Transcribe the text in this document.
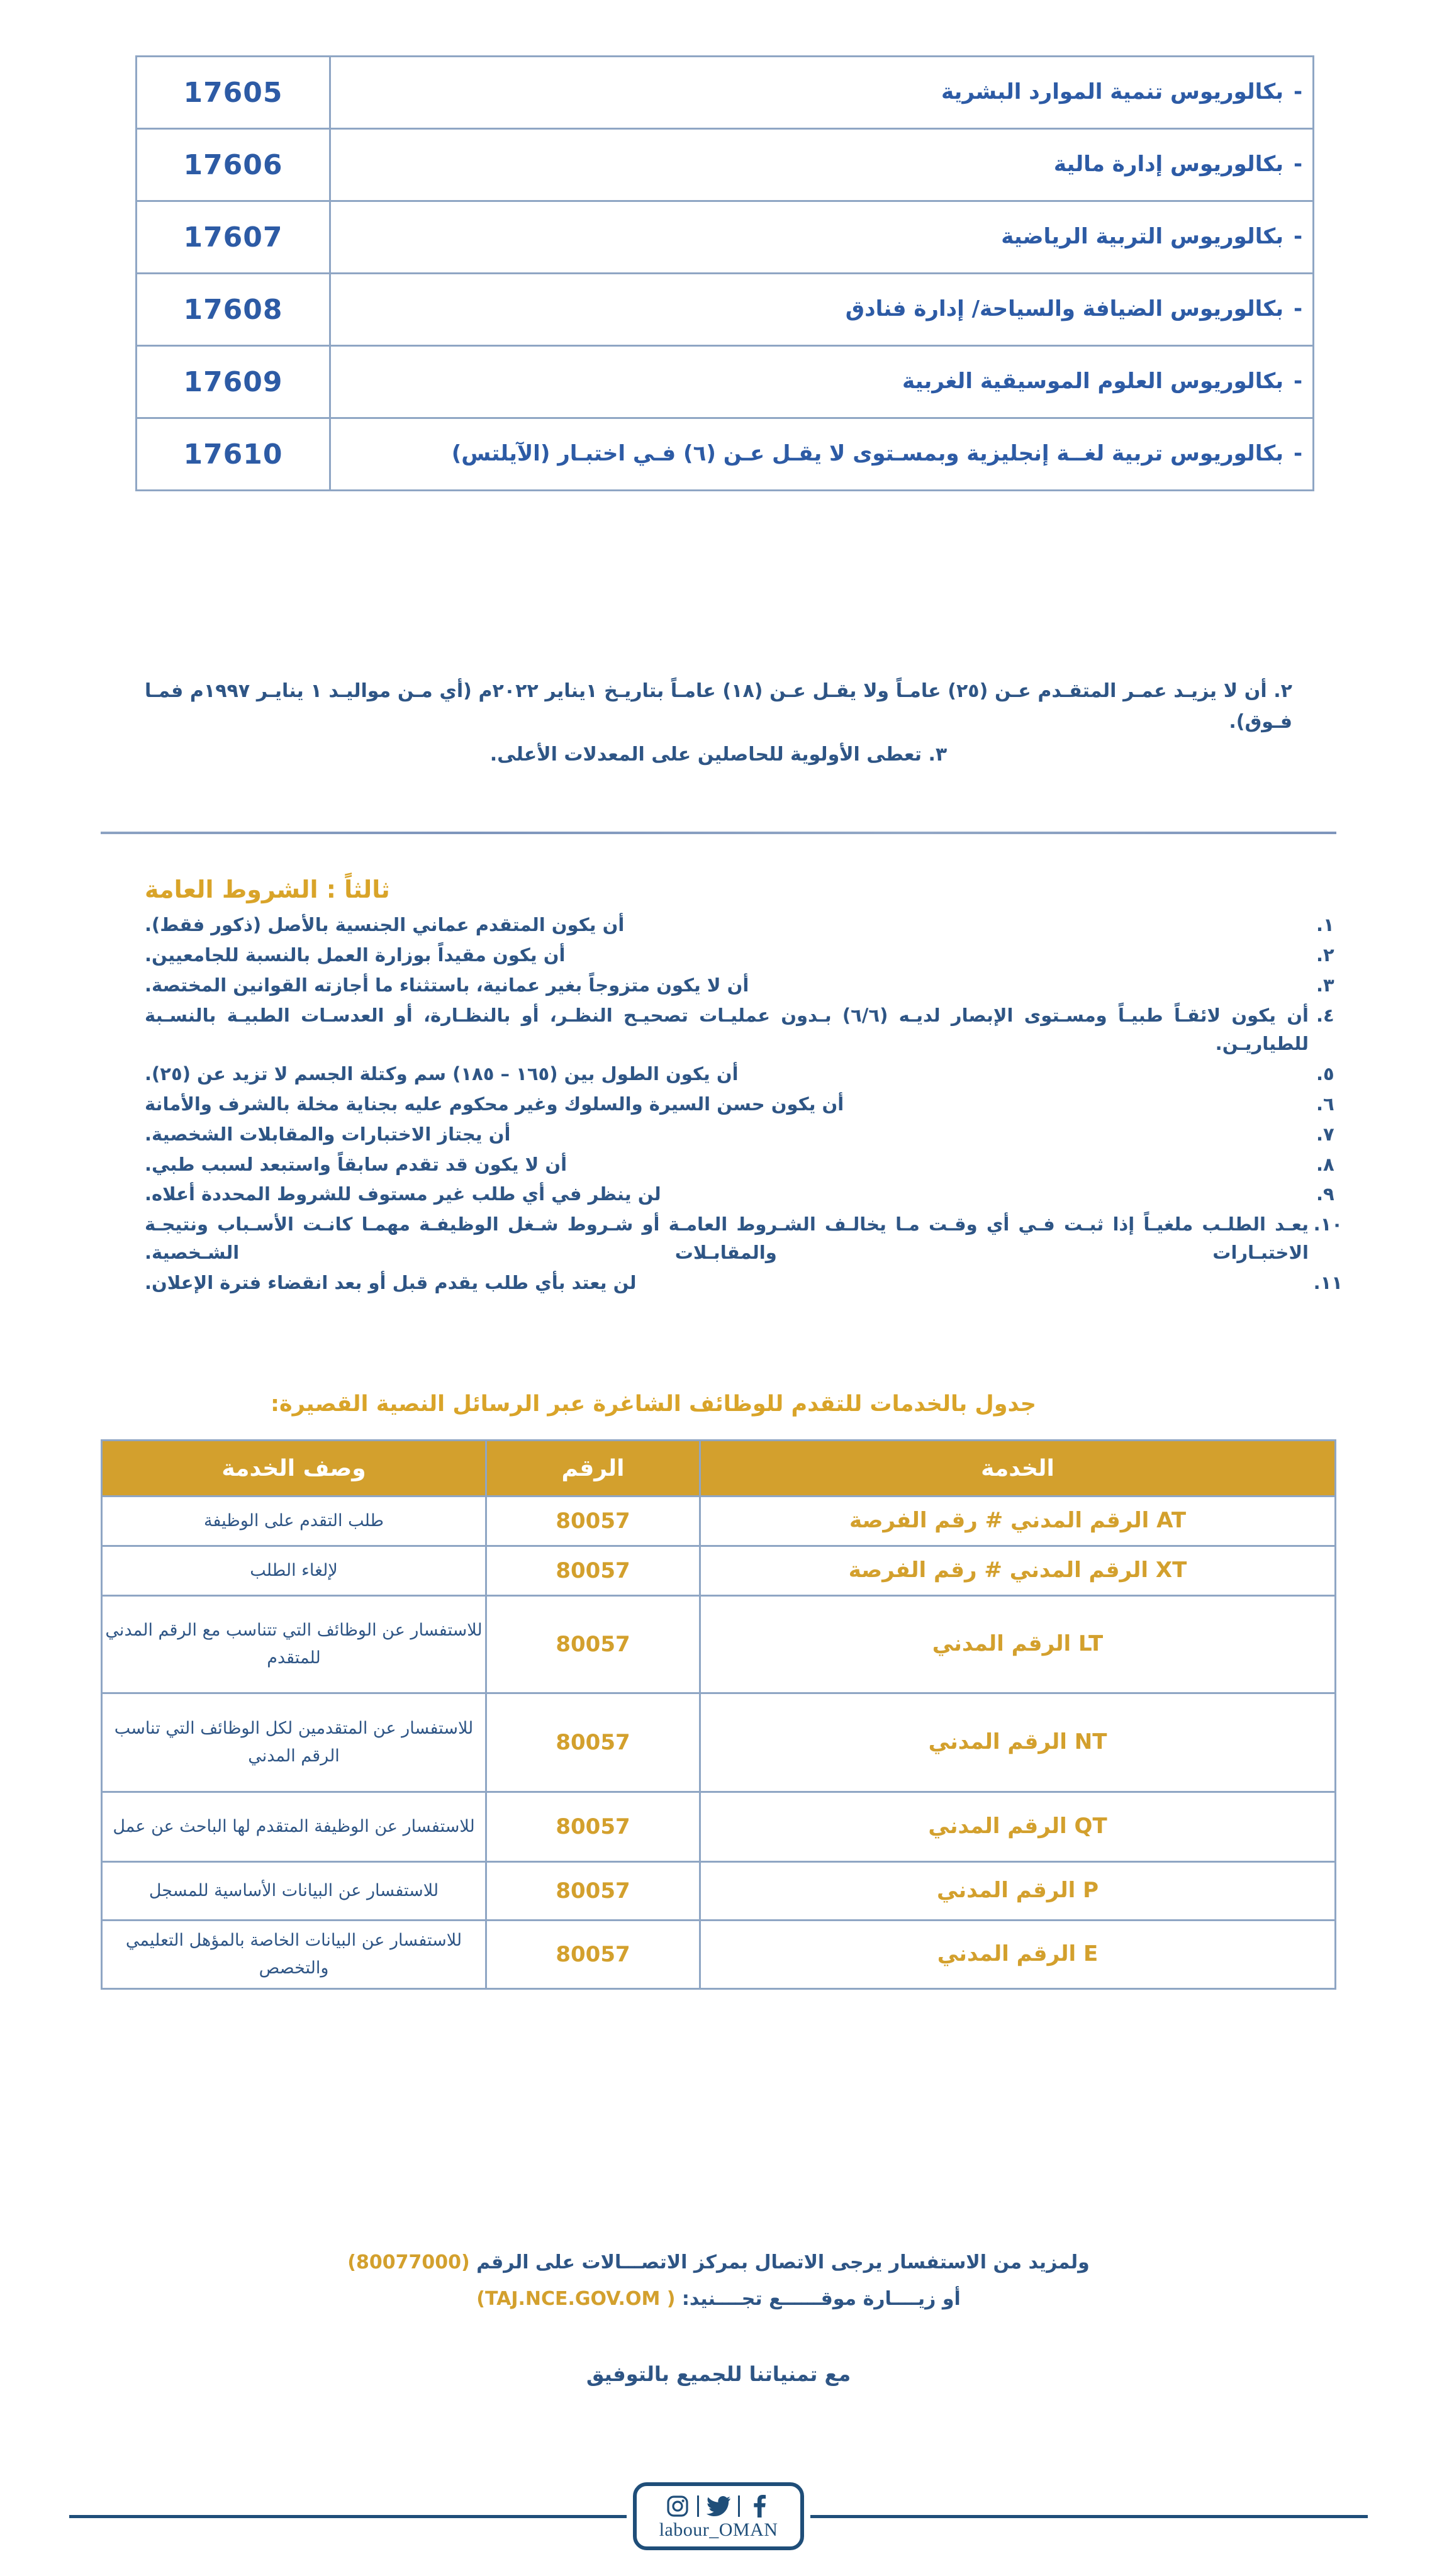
-
بكالوريوس تنمية الموارد البشرية	17605

-
بكالوريوس إدارة مالية	17606

-
بكالوريوس التربية الرياضية	17607

-
بكالوريوس الضيافة والسياحة/ إدارة فنادق	17608

-
بكالوريوس العلوم الموسيقية الغربية	17609

-
بكالوريوس تربية لغــة إنجليزية وبمسـتوى لا يقـل عـن (٦) فـي اختبـار (الآيلتس)	17610
٢. أن لا يزيـد عمـر المتقـدم عـن (٢٥) عامـاً ولا يقـل عـن (١٨) عامـاً بتاريـخ ١يناير ٢٠٢٢م (أي مـن مواليـد ١ ينايـر ١٩٩٧م فمـا فـوق).
٣. تعطى الأولوية للحاصلين على المعدلات الأعلى.
ثالثاً : الشروط العامة
١.
أن يكون المتقدم عماني الجنسية بالأصل (ذكور فقط).
٢.
أن يكون مقيداً بوزارة العمل بالنسبة للجامعيين.
٣.
أن لا يكون متزوجاً بغير عمانية، باستثناء ما أجازته القوانين المختصة.
٤.
أن يكون لائقـاً طبيـاً ومسـتوى الإبصار لديـه (٦/٦) بـدون عمليـات تصحيـح النظـر، أو بالنظـارة، أو العدسـات الطبيـة بالنسـبة للطياريـن.
٥.
أن يكون الطول بين (١٦٥ – ١٨٥) سم وكتلة الجسم لا تزيد عن (٢٥).
٦.
أن يكون حسن السيرة والسلوك وغير محكوم عليه بجناية مخلة بالشرف والأمانة
٧.
أن يجتاز الاختبارات والمقابلات الشخصية.
٨.
أن لا يكون قد تقدم سابقاً واستبعد لسبب طبي.
٩.
لن ينظر في أي طلب غير مستوف للشروط المحددة أعلاه.
١٠.
يعـد الطلـب ملغيـاً إذا ثبـت فـي أي وقـت مـا يخالـف الشـروط العامـة أو شـروط شـغل الوظيفـة مهمـا كانـت الأسـباب ونتيجـة الاختبـارات والمقابـلات الشـخصية.
١١.
لن يعتد بأي طلب يقدم قبل أو بعد انقضاء فترة الإعلان.
جدول بالخدمات للتقدم للوظائف الشاغرة عبر الرسائل النصية القصيرة:
الخدمة	الرقم	وصف الخدمة
AT الرقم المدني # رقم الفرصة	80057	طلب التقدم على الوظيفة
XT الرقم المدني # رقم الفرصة	80057	لإلغاء الطلب
LT الرقم المدني	80057	للاستفسار عن الوظائف التي تتناسب مع الرقم المدني للمتقدم
NT الرقم المدني	80057	للاستفسار عن المتقدمين لكل الوظائف التي تناسب الرقم المدني
QT الرقم المدني	80057	للاستفسار عن الوظيفة المتقدم لها الباحث عن عمل
P الرقم المدني	80057	للاستفسار عن البيانات الأساسية للمسجل
E الرقم المدني	80057	للاستفسار عن البيانات الخاصة بالمؤهل التعليمي والتخصص
ولمزيد من الاستفسار يرجى الاتصال بمركز الاتصـــالات على الرقم (80077000)
أو زيــــارة موقــــــع تجــــنيد: (TAJ.NCE.GOV.OM )
مع تمنياتنا للجميع بالتوفيق
labour_OMAN
